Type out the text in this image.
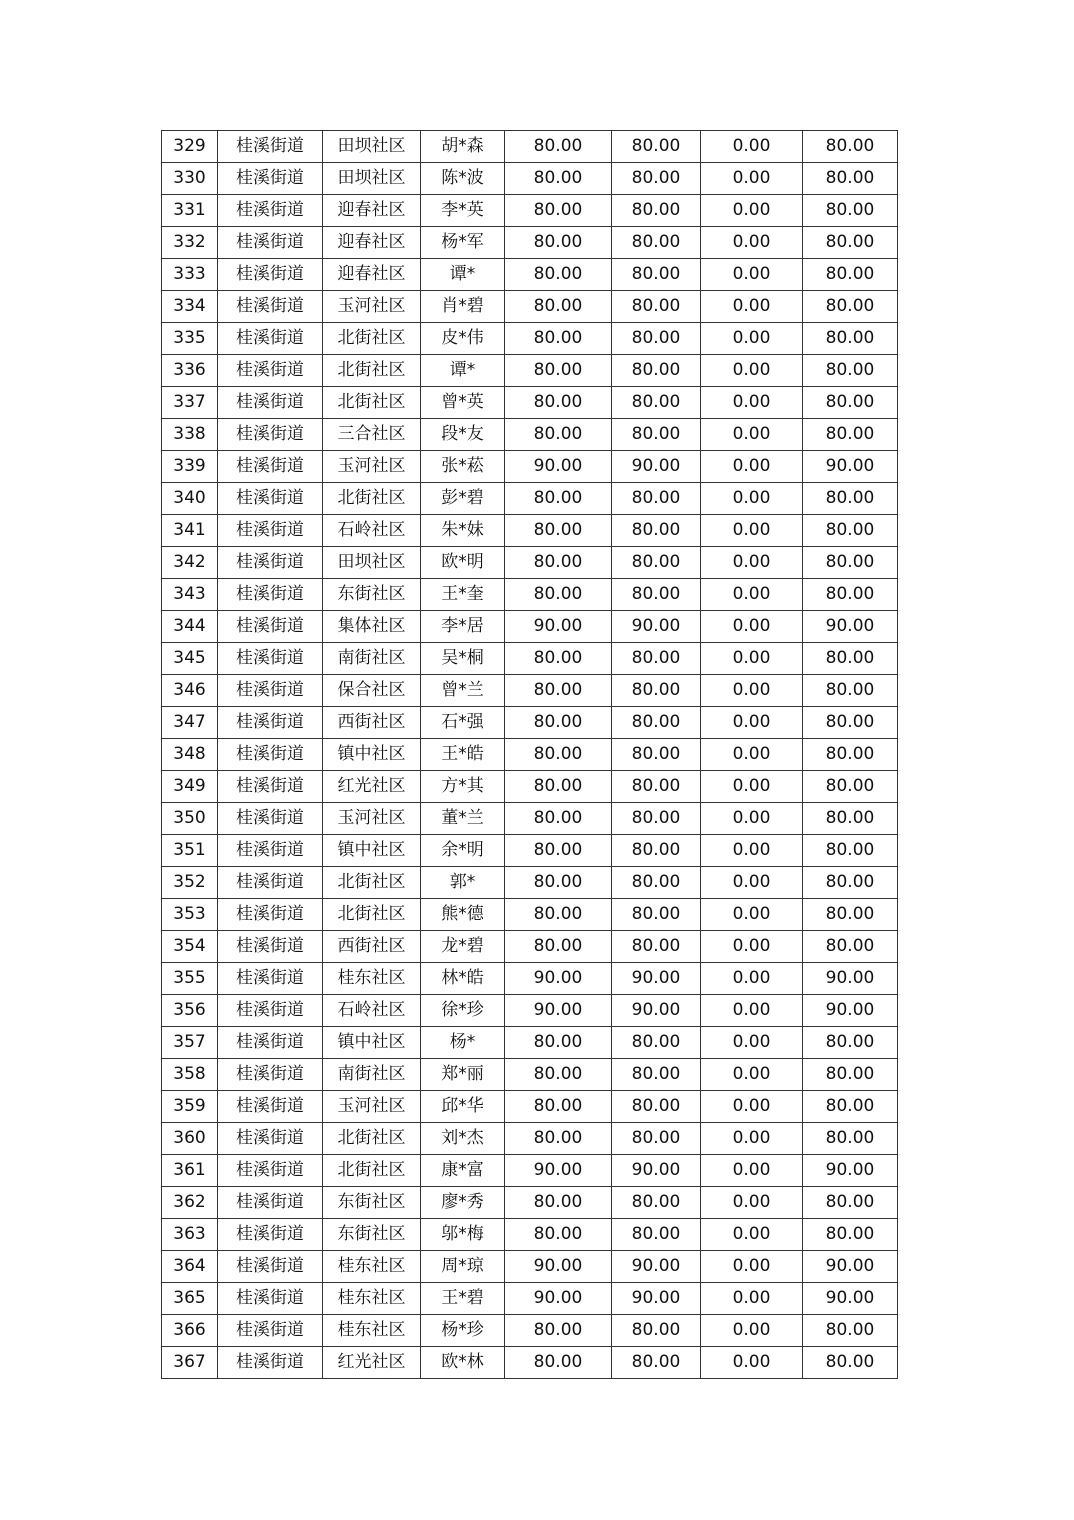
329	桂溪街道	田坝社区	胡*森	80.00	80.00	0.00	80.00
330	桂溪街道	田坝社区	陈*波	80.00	80.00	0.00	80.00
331	桂溪街道	迎春社区	李*英	80.00	80.00	0.00	80.00
332	桂溪街道	迎春社区	杨*军	80.00	80.00	0.00	80.00
333	桂溪街道	迎春社区	谭*	80.00	80.00	0.00	80.00
334	桂溪街道	玉河社区	肖*碧	80.00	80.00	0.00	80.00
335	桂溪街道	北街社区	皮*伟	80.00	80.00	0.00	80.00
336	桂溪街道	北街社区	谭*	80.00	80.00	0.00	80.00
337	桂溪街道	北街社区	曾*英	80.00	80.00	0.00	80.00
338	桂溪街道	三合社区	段*友	80.00	80.00	0.00	80.00
339	桂溪街道	玉河社区	张*菘	90.00	90.00	0.00	90.00
340	桂溪街道	北街社区	彭*碧	80.00	80.00	0.00	80.00
341	桂溪街道	石岭社区	朱*妹	80.00	80.00	0.00	80.00
342	桂溪街道	田坝社区	欧*明	80.00	80.00	0.00	80.00
343	桂溪街道	东街社区	王*奎	80.00	80.00	0.00	80.00
344	桂溪街道	集体社区	李*居	90.00	90.00	0.00	90.00
345	桂溪街道	南街社区	吴*桐	80.00	80.00	0.00	80.00
346	桂溪街道	保合社区	曾*兰	80.00	80.00	0.00	80.00
347	桂溪街道	西街社区	石*强	80.00	80.00	0.00	80.00
348	桂溪街道	镇中社区	王*皓	80.00	80.00	0.00	80.00
349	桂溪街道	红光社区	方*其	80.00	80.00	0.00	80.00
350	桂溪街道	玉河社区	董*兰	80.00	80.00	0.00	80.00
351	桂溪街道	镇中社区	余*明	80.00	80.00	0.00	80.00
352	桂溪街道	北街社区	郭*	80.00	80.00	0.00	80.00
353	桂溪街道	北街社区	熊*德	80.00	80.00	0.00	80.00
354	桂溪街道	西街社区	龙*碧	80.00	80.00	0.00	80.00
355	桂溪街道	桂东社区	林*皓	90.00	90.00	0.00	90.00
356	桂溪街道	石岭社区	徐*珍	90.00	90.00	0.00	90.00
357	桂溪街道	镇中社区	杨*	80.00	80.00	0.00	80.00
358	桂溪街道	南街社区	郑*丽	80.00	80.00	0.00	80.00
359	桂溪街道	玉河社区	邱*华	80.00	80.00	0.00	80.00
360	桂溪街道	北街社区	刘*杰	80.00	80.00	0.00	80.00
361	桂溪街道	北街社区	康*富	90.00	90.00	0.00	90.00
362	桂溪街道	东街社区	廖*秀	80.00	80.00	0.00	80.00
363	桂溪街道	东街社区	邬*梅	80.00	80.00	0.00	80.00
364	桂溪街道	桂东社区	周*琼	90.00	90.00	0.00	90.00
365	桂溪街道	桂东社区	王*碧	90.00	90.00	0.00	90.00
366	桂溪街道	桂东社区	杨*珍	80.00	80.00	0.00	80.00
367	桂溪街道	红光社区	欧*林	80.00	80.00	0.00	80.00
